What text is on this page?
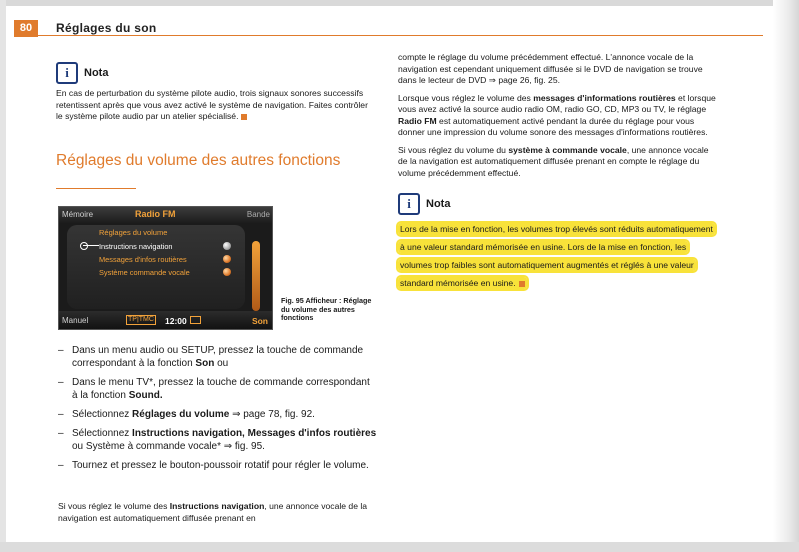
80	Réglages du son
i	Nota

En cas de perturbation du système pilote audio, trois signaux sonores successifs retentissent après que vous avez activé le système de navigation. Faites contrôler le système pilote audio par un atelier spécialisé.

Réglages du volume des autres fonctions
Mémoire	Radio FM	Bande
Réglages du volume
Instructions navigation
Messages d'infos routières
Système commande vocale
Manuel	TP|TMC 12:00	Son
Fig. 95 Afficheur : Réglage du volume des autres fonctions
– Dans un menu audio ou SETUP, pressez la touche de commande correspondant à la fonction Son ou
– Dans le menu TV*, pressez la touche de commande correspondant à la fonction Sound.
– Sélectionnez Réglages du volume ⇒ page 78, fig. 92.
– Sélectionnez Instructions navigation, Messages d'infos routières ou Système à commande vocale* ⇒ fig. 95.
– Tournez et pressez le bouton-poussoir rotatif pour régler le volume.
Si vous réglez le volume des Instructions navigation, une annonce vocale de la navigation est automatiquement diffusée prenant en

compte le réglage du volume précédemment effectué. L'annonce vocale de la navigation est cependant uniquement diffusée si le DVD de navigation se trouve dans le lecteur de DVD ⇒ page 26, fig. 25.

Lorsque vous réglez le volume des messages d'informations routières et lorsque vous avez activé la source audio radio OM, radio GO, CD, MP3 ou TV, le réglage Radio FM est automatiquement activé pendant la durée du réglage pour vous donner une impression du volume sonore des messages d'informations routières.

Si vous réglez du volume du système à commande vocale, une annonce vocale de la navigation est automatiquement diffusée prenant en compte le réglage du volume précédemment effectué.

i	Nota
Lors de la mise en fonction, les volumes trop élevés sont réduits automatiquement à une valeur standard mémorisée en usine. Lors de la mise en fonction, les volumes trop faibles sont automatiquement augmentés et réglés à une valeur standard mémorisée en usine.
